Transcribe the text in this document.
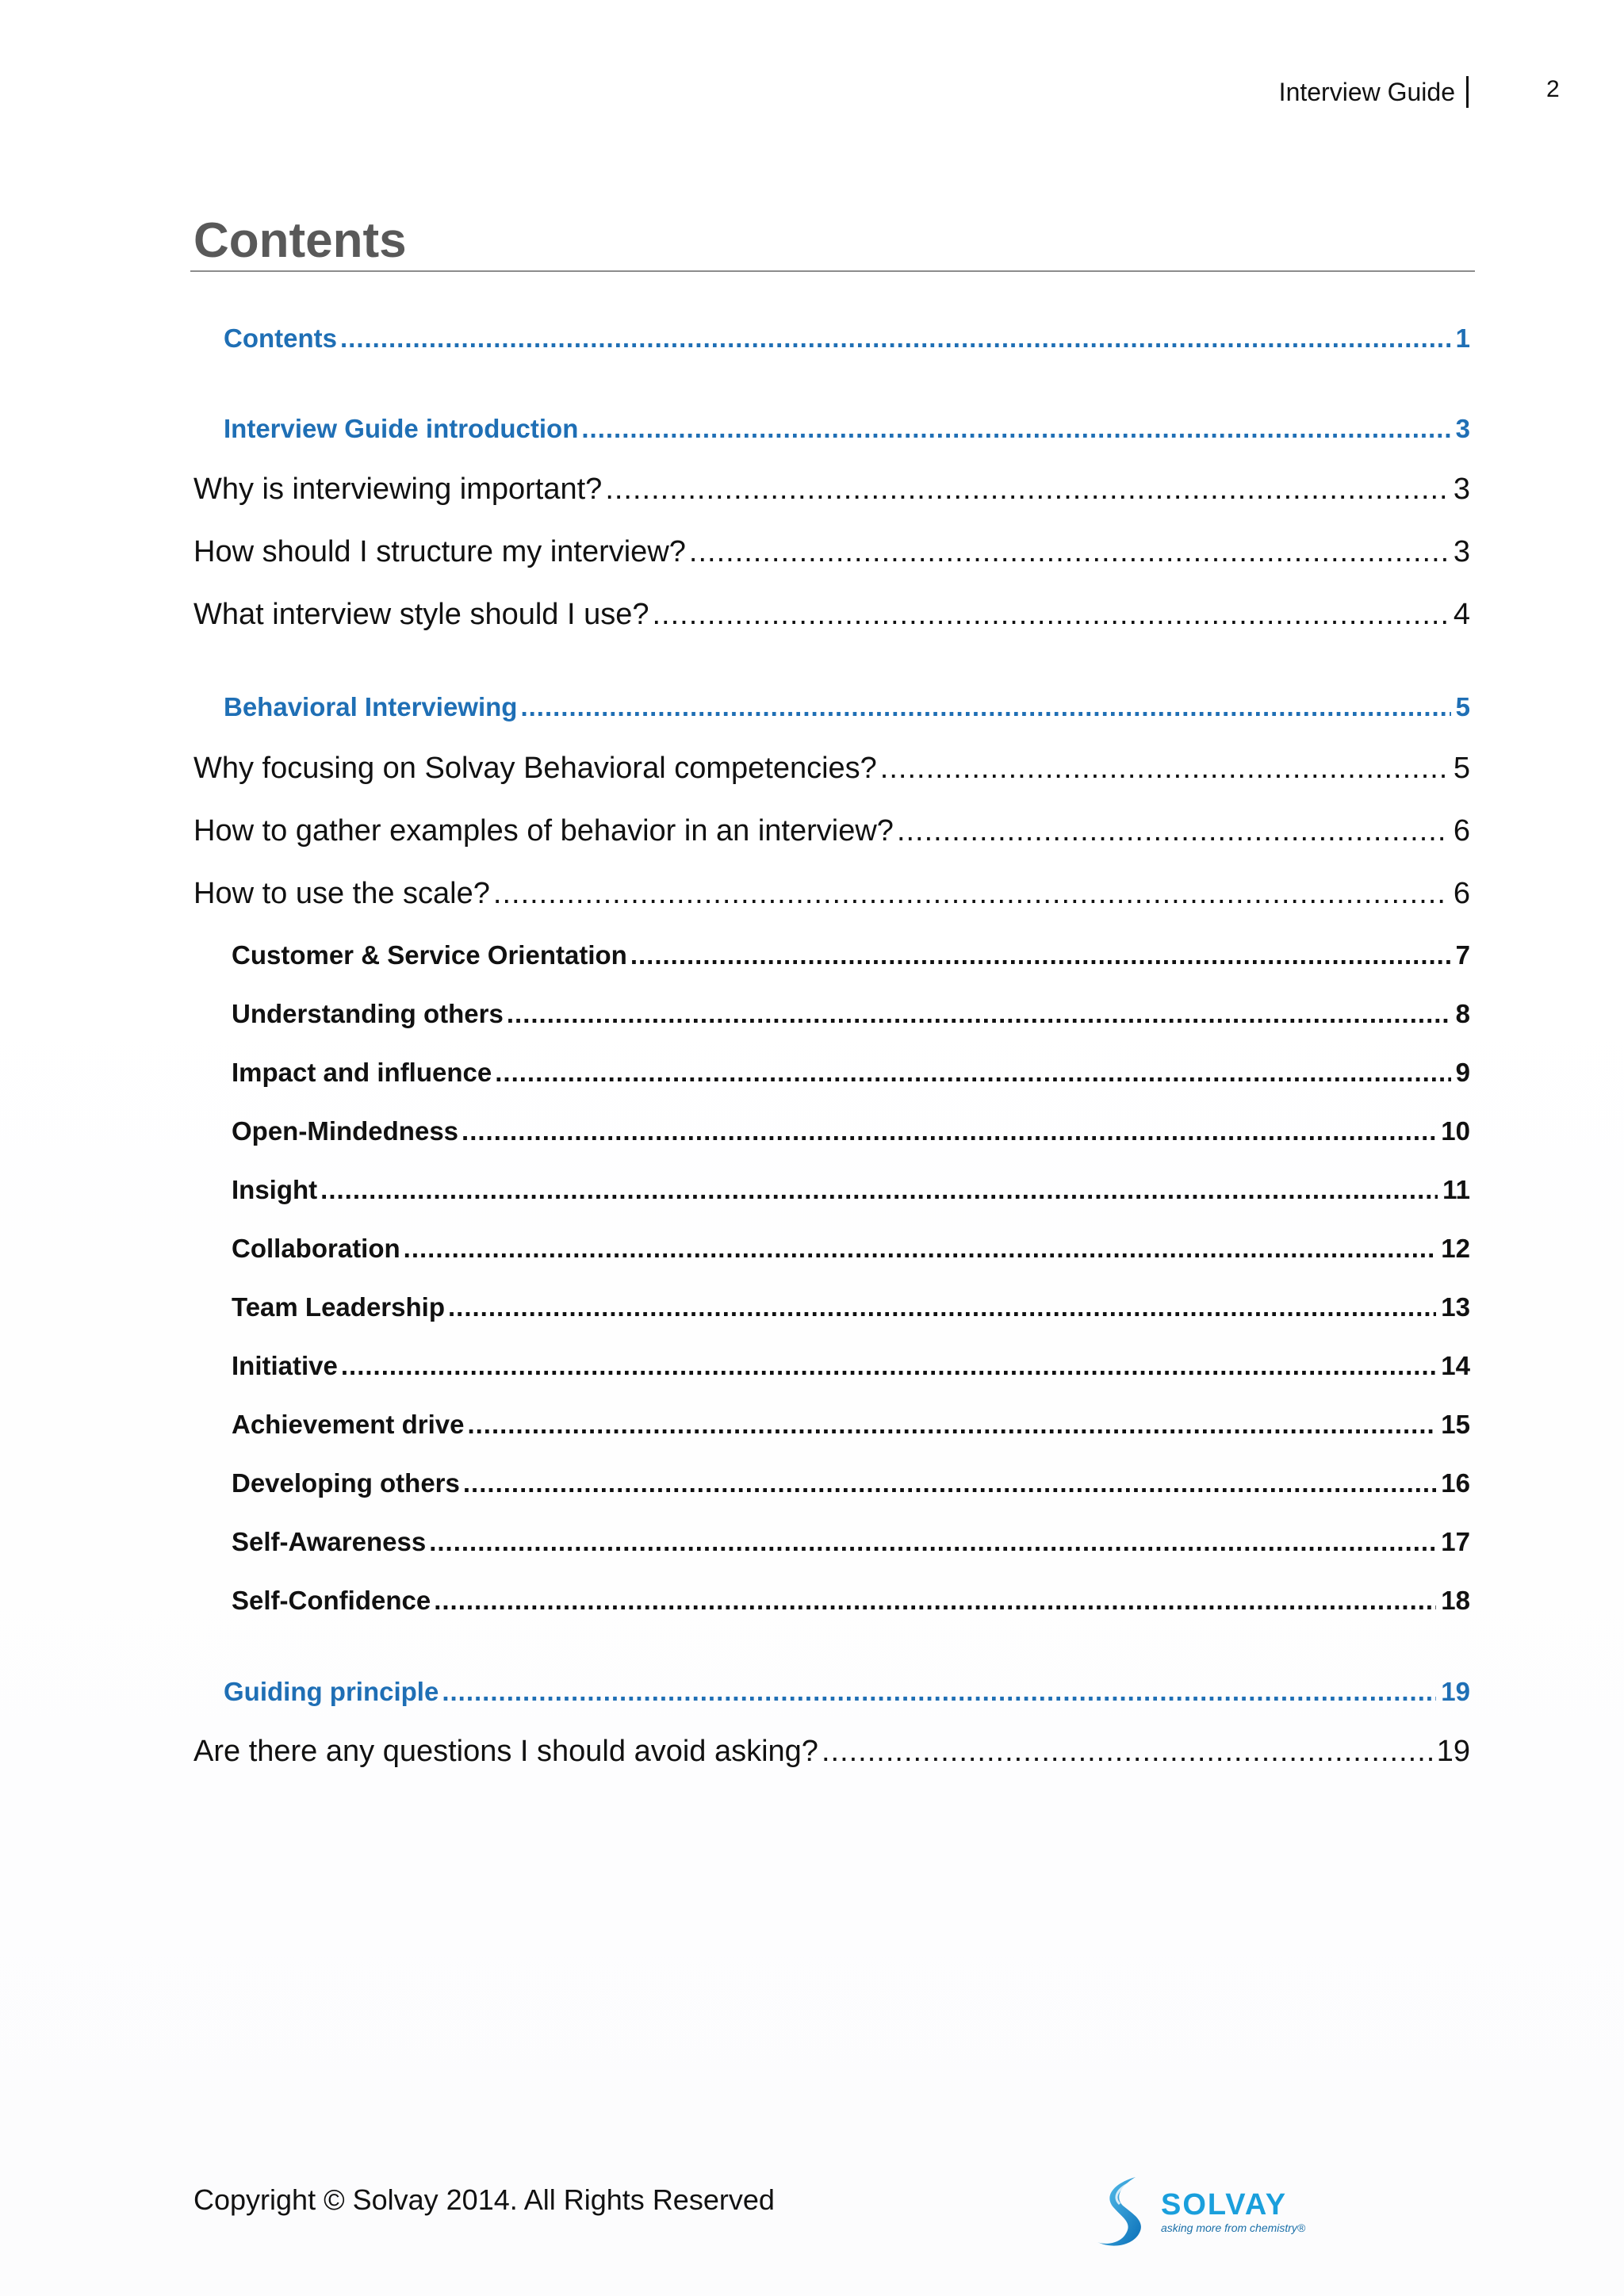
Interview Guide	2
Contents
Contents .....	1
Interview Guide introduction .....	3
Why is interviewing important? .....	3
How should I structure my interview? .....	3
What interview style should I use? .....	4
Behavioral Interviewing .....	5
Why focusing on Solvay Behavioral competencies? .....	5
How to gather examples of behavior in an interview? .....	6
How to use the scale? .....	6
Customer & Service Orientation .....	7
Understanding others .....	8
Impact and influence .....	9
Open-Mindedness .....	10
Insight .....	11
Collaboration .....	12
Team Leadership .....	13
Initiative .....	14
Achievement drive .....	15
Developing others .....	16
Self-Awareness .....	17
Self-Confidence .....	18
Guiding principle .....	19
Are there any questions I should avoid asking? .....	19
Copyright © Solvay 2014. All Rights Reserved	SOLVAY
asking more from chemistry®
